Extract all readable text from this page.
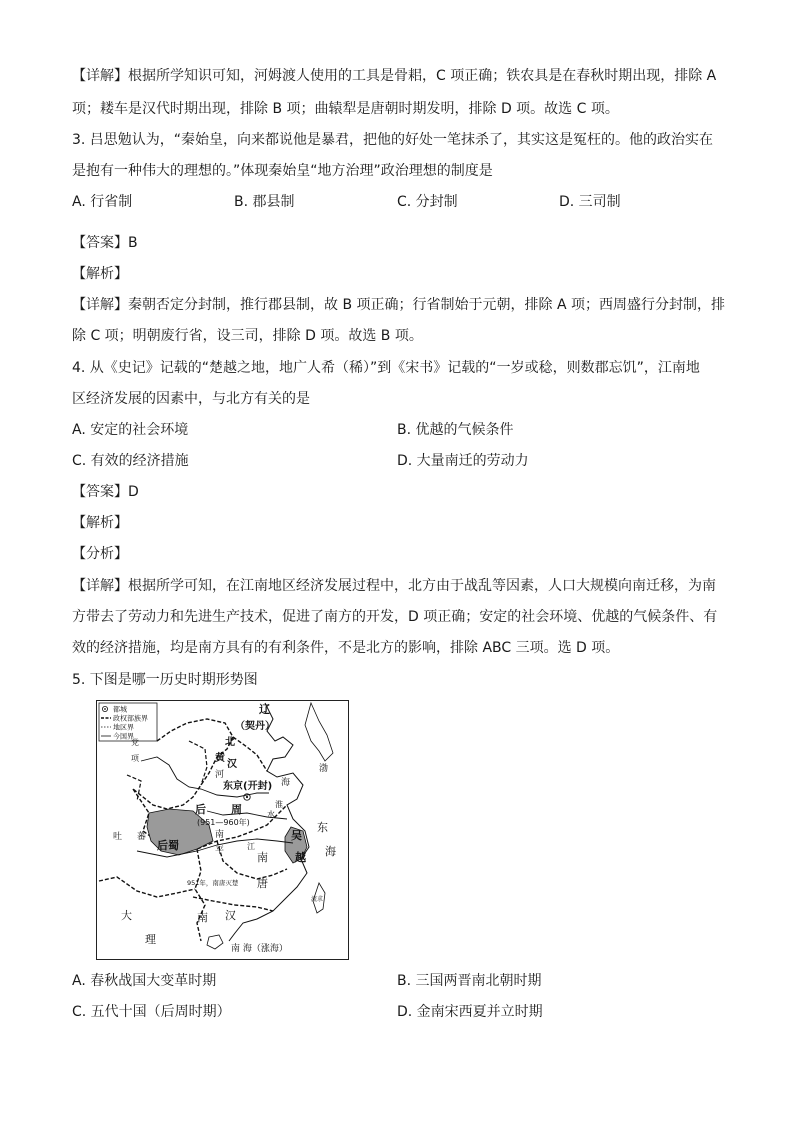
【详解】根据所学知识可知，河姆渡人使用的工具是骨耜，C 项正确；铁农具是在春秋时期出现，排除 A
项；耧车是汉代时期出现，排除 B 项；曲辕犁是唐朝时期发明，排除 D 项。故选 C 项。
3. 吕思勉认为，“秦始皇，向来都说他是暴君，把他的好处一笔抹杀了，其实这是冤枉的。他的政治实在
是抱有一种伟大的理想的。”体现秦始皇“地方治理”政治理想的制度是
A. 行省制	B. 郡县制	C. 分封制	D. 三司制
【答案】B
【解析】
【详解】秦朝否定分封制，推行郡县制，故 B 项正确；行省制始于元朝，排除 A 项；西周盛行分封制，排
除 C 项；明朝废行省，设三司，排除 D 项。故选 B 项。
4. 从《史记》记载的“楚越之地，地广人希（稀）”到《宋书》记载的“一岁或稔，则数郡忘饥”，江南地
区经济发展的因素中，与北方有关的是
A. 安定的社会环境	B. 优越的气候条件
C. 有效的经济措施	D. 大量南迁的劳动力
【答案】D
【解析】
【分析】
【详解】根据所学可知，在江南地区经济发展过程中，北方由于战乱等因素，人口大规模向南迁移，为南
方带去了劳动力和先进生产技术，促进了南方的开发，D 项正确；安定的社会环境、优越的气候条件、有
效的经济措施，均是南方具有的有利条件，不是北方的影响，排除 ABC 三项。选 D 项。
5. 下图是哪一历史时期形势图
都城
政权部族界
地区界
今国界
辽
（契丹）
渤
海
黄
北
河
汉
党
项
东京(开封)
后 周
(951—960年)
淮
水
东
海
吐 蕃
后蜀
南
平	江
吴
越
南
唐
951年，南唐灭楚
大
理
南 汉
流求
南 海（涨海）
A. 春秋战国大变革时期	B. 三国两晋南北朝时期
C. 五代十国（后周时期）	D. 金南宋西夏并立时期
